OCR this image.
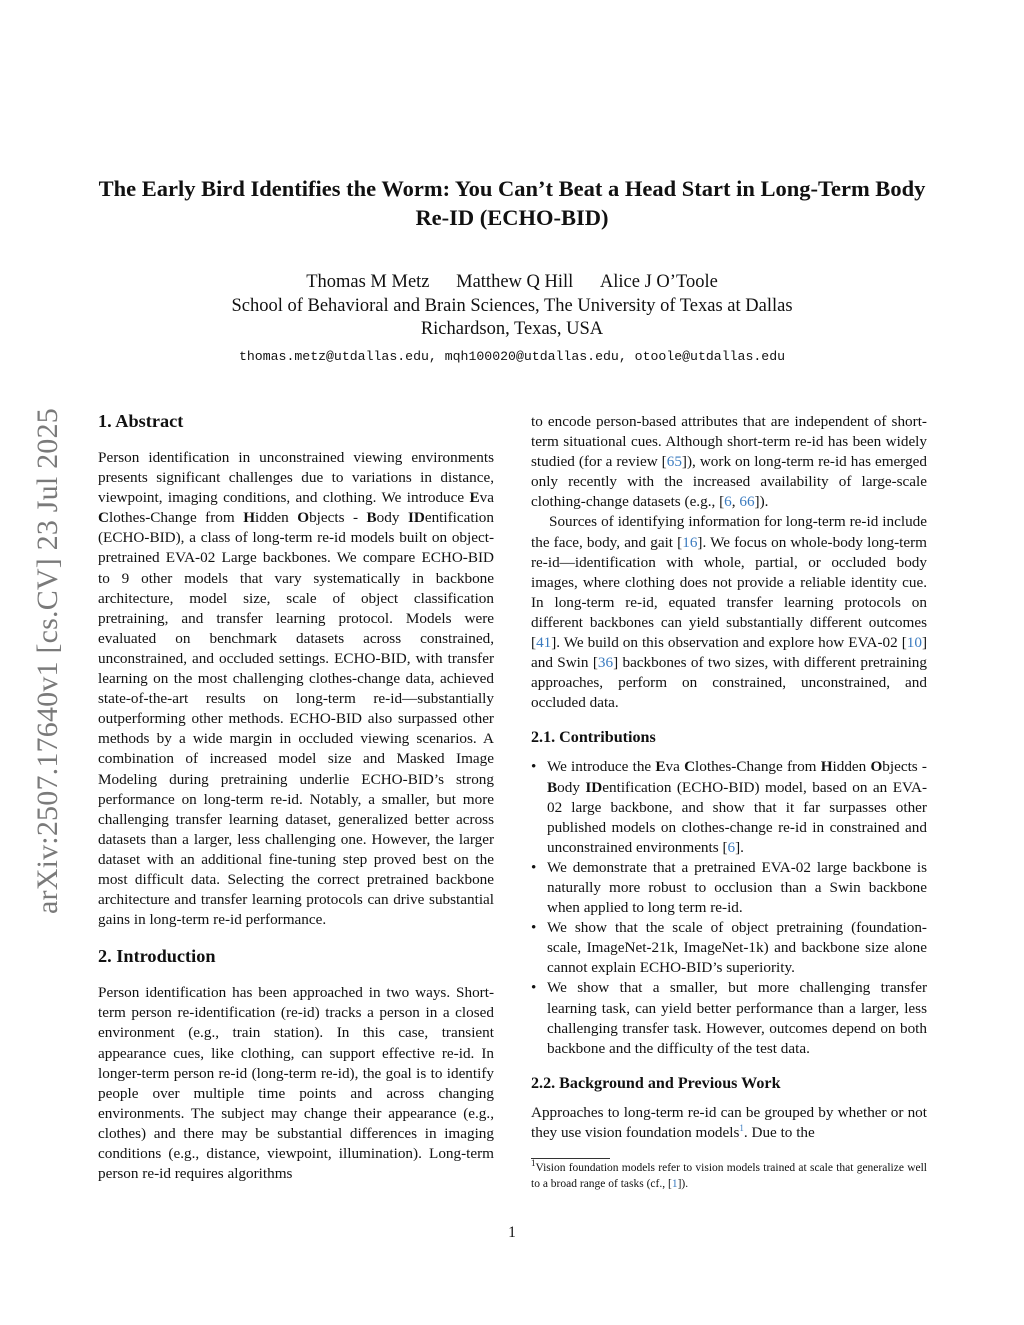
arXiv:2507.17640v1 [cs.CV] 23 Jul 2025
The Early Bird Identifies the Worm: You Can’t Beat a Head Start in Long-Term Body Re-ID (ECHO-BID)
Thomas M Metz Matthew Q Hill Alice J O’Toole
School of Behavioral and Brain Sciences, The University of Texas at Dallas
Richardson, Texas, USA
thomas.metz@utdallas.edu, mqh100020@utdallas.edu, otoole@utdallas.edu
1. Abstract

Person identification in unconstrained viewing environments presents significant challenges due to variations in distance, viewpoint, imaging conditions, and clothing. We introduce Eva Clothes-Change from Hidden Objects - Body IDentification (ECHO-BID), a class of long-term re-id models built on object-pretrained EVA-02 Large backbones. We compare ECHO-BID to 9 other models that vary systematically in backbone architecture, model size, scale of object classification pretraining, and transfer learning protocol. Models were evaluated on benchmark datasets across constrained, unconstrained, and occluded settings. ECHO-BID, with transfer learning on the most challenging clothes-change data, achieved state-of-the-art results on long-term re-id—substantially outperforming other methods. ECHO-BID also surpassed other methods by a wide margin in occluded viewing scenarios. A combination of increased model size and Masked Image Modeling during pretraining underlie ECHO-BID’s strong performance on long-term re-id. Notably, a smaller, but more challenging transfer learning dataset, generalized better across datasets than a larger, less challenging one. However, the larger dataset with an additional fine-tuning step proved best on the most difficult data. Selecting the correct pretrained backbone architecture and transfer learning protocols can drive substantial gains in long-term re-id performance.

2. Introduction

Person identification has been approached in two ways. Short-term person re-identification (re-id) tracks a person in a closed environment (e.g., train station). In this case, transient appearance cues, like clothing, can support effective re-id. In longer-term person re-id (long-term re-id), the goal is to identify people over multiple time points and across changing environments. The subject may change their appearance (e.g., clothes) and there may be substantial differences in imaging conditions (e.g., distance, viewpoint, illumination). Long-term person re-id requires algorithms

to encode person-based attributes that are independent of short-term situational cues. Although short-term re-id has been widely studied (for a review [65]), work on long-term re-id has emerged only recently with the increased availability of large-scale clothing-change datasets (e.g., [6, 66]).

Sources of identifying information for long-term re-id include the face, body, and gait [16]. We focus on whole-body long-term re-id—identification with whole, partial, or occluded body images, where clothing does not provide a reliable identity cue. In long-term re-id, equated transfer learning protocols on different backbones can yield substantially different outcomes [41]. We build on this observation and explore how EVA-02 [10] and Swin [36] backbones of two sizes, with different pretraining approaches, perform on constrained, unconstrained, and occluded data.

2.1. Contributions
• We introduce the Eva Clothes-Change from Hidden Objects - Body IDentification (ECHO-BID) model, based on an EVA-02 large backbone, and show that it far surpasses other published models on clothes-change re-id in constrained and unconstrained environments [6].
• We demonstrate that a pretrained EVA-02 large backbone is naturally more robust to occlusion than a Swin backbone when applied to long term re-id.
• We show that the scale of object pretraining (foundation-scale, ImageNet-21k, ImageNet-1k) and backbone size alone cannot explain ECHO-BID’s superiority.
• We show that a smaller, but more challenging transfer learning task, can yield better performance than a larger, less challenging transfer task. However, outcomes depend on both backbone and the difficulty of the test data.
2.2. Background and Previous Work

Approaches to long-term re-id can be grouped by whether or not they use vision foundation models$^1$. Due to the

$^1$Vision foundation models refer to vision models trained at scale that generalize well to a broad range of tasks (cf., [1]).
1
